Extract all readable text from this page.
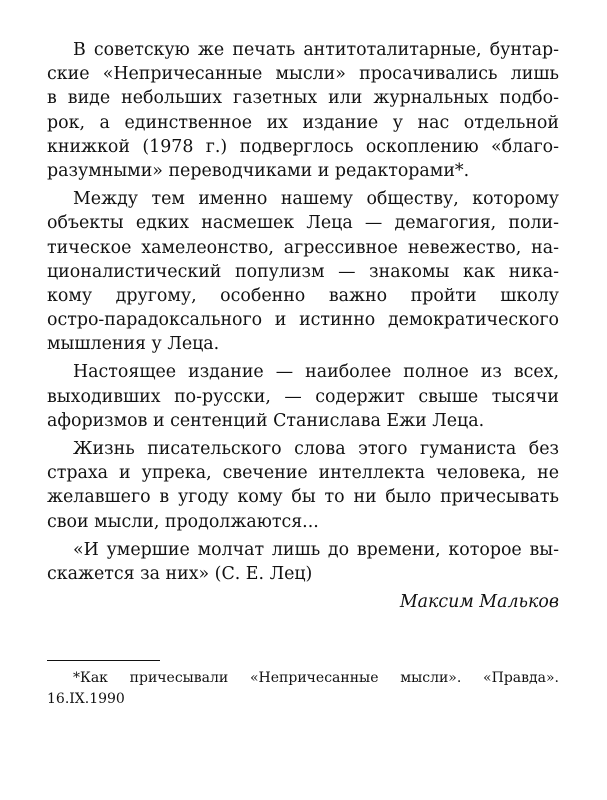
В советскую же печать антитоталитарные, бунтар-
ские «Непричесанные мысли» просачивались лишь
в виде небольших газетных или журнальных подбо-
рок, а единственное их издание у нас отдельной
книжкой (1978 г.) подверглось оскоплению «благо-
разумными» переводчиками и редакторами*.

Между тем именно нашему обществу, которому
объекты едких насмешек Леца — демагогия, поли-
тическое хамелеонство, агрессивное невежество, на-
ционалистический популизм — знакомы как ника-
кому другому, особенно важно пройти школу
остро-парадоксального и истинно демократического
мышления у Леца.

Настоящее издание — наиболее полное из всех,
выходивших по-русски, — содержит свыше тысячи
афоризмов и сентенций Станислава Ежи Леца.

Жизнь писательского слова этого гуманиста без
страха и упрека, свечение интеллекта человека, не
желавшего в угоду кому бы то ни было причесывать
свои мысли, продолжаются...

«И умершие молчат лишь до времени, которое вы-
скажется за них» (С. Е. Лец)

Максим Мальков

*Как причесывали «Непричесанные мысли». «Правда».
16.IX.1990
